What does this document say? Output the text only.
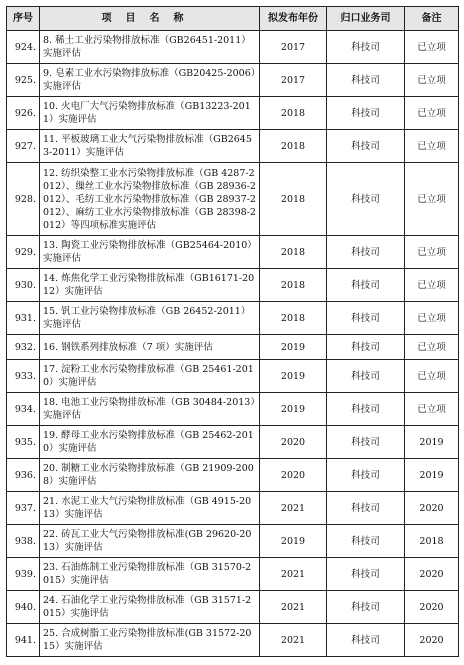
序号	项目名称	拟发布年份	归口业务司	备注
924.	8. 稀土工业污染物排放标准（GB26451-2011）实施评估	2017	科技司	已立项
925.	9. 皂素工业水污染物排放标准（GB20425-2006）实施评估	2017	科技司	已立项
926.	10. 火电厂大气污染物排放标准（GB13223-2011）实施评估	2018	科技司	已立项
927.	11. 平板玻璃工业大气污染物排放标准（GB26453-2011）实施评估	2018	科技司	已立项
928.	12. 纺织染整工业水污染物排放标准（GB 4287-2012）、缫丝工业水污染物排放标准（GB 28936-2012）、毛纺工业水污染物排放标准（GB 28937-2012）、麻纺工业水污染物排放标准（GB 28398-2012）等四项标准实施评估	2018	科技司	已立项
929.	13. 陶瓷工业污染物排放标准（GB25464-2010）实施评估	2018	科技司	已立项
930.	14. 炼焦化学工业污染物排放标准（GB16171-2012）实施评估	2018	科技司	已立项
931.	15. 钒工业污染物排放标准（GB 26452-2011）实施评估	2018	科技司	已立项
932.	16. 钢铁系列排放标准（7 项）实施评估	2019	科技司	已立项
933.	17. 淀粉工业水污染物排放标准（GB 25461-2010）实施评估	2019	科技司	已立项
934.	18. 电池工业污染物排放标准（GB 30484-2013）实施评估	2019	科技司	已立项
935.	19. 酵母工业水污染物排放标准（GB 25462-2010）实施评估	2020	科技司	2019
936.	20. 制糖工业水污染物排放标准（GB 21909-2008）实施评估	2020	科技司	2019
937.	21. 水泥工业大气污染物排放标准（GB 4915-2013）实施评估	2021	科技司	2020
938.	22. 砖瓦工业大气污染物排放标准(GB 29620-2013）实施评估	2019	科技司	2018
939.	23. 石油炼制工业污染物排放标准（GB 31570-2015）实施评估	2021	科技司	2020
940.	24. 石油化学工业污染物排放标准（GB 31571-2015）实施评估	2021	科技司	2020
941.	25. 合成树脂工业污染物排放标准(GB 31572-2015）实施评估	2021	科技司	2020
